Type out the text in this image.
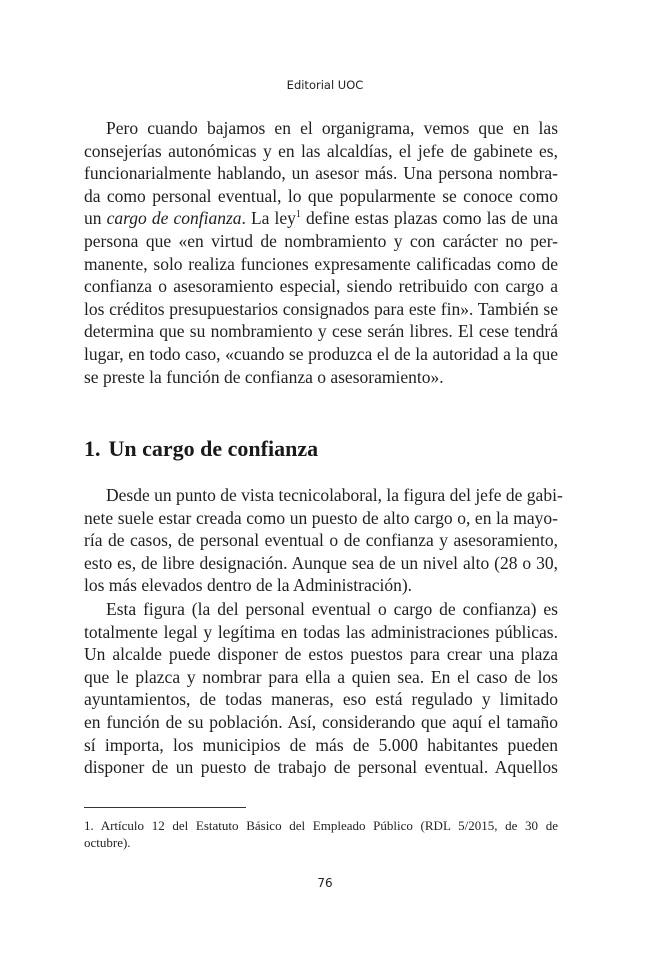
Editorial UOC

Pero cuando bajamos en el organigrama, vemos que en las
consejerías autonómicas y en las alcaldías, el jefe de gabinete es,
funcionarialmente hablando, un asesor más. Una persona nombra-
da como personal eventual, lo que popularmente se conoce como
un cargo de confianza. La ley$^1$ define estas plazas como las de una
persona que «en virtud de nombramiento y con carácter no per-
manente, solo realiza funciones expresamente calificadas como de
confianza o asesoramiento especial, siendo retribuido con cargo a
los créditos presupuestarios consignados para este fin». También se
determina que su nombramiento y cese serán libres. El cese tendrá
lugar, en todo caso, «cuando se produzca el de la autoridad a la que
se preste la función de confianza o asesoramiento».

1. Un cargo de confianza

Desde un punto de vista tecnicolaboral, la figura del jefe de gabi-
nete suele estar creada como un puesto de alto cargo o, en la mayo-
ría de casos, de personal eventual o de confianza y asesoramiento,
esto es, de libre designación. Aunque sea de un nivel alto (28 o 30,
los más elevados dentro de la Administración).

Esta figura (la del personal eventual o cargo de confianza) es
totalmente legal y legítima en todas las administraciones públicas.
Un alcalde puede disponer de estos puestos para crear una plaza
que le plazca y nombrar para ella a quien sea. En el caso de los
ayuntamientos, de todas maneras, eso está regulado y limitado
en función de su población. Así, considerando que aquí el tamaño
sí importa, los municipios de más de 5.000 habitantes pueden
disponer de un puesto de trabajo de personal eventual. Aquellos

1. Artículo 12 del Estatuto Básico del Empleado Público (RDL 5/2015, de 30 de
octubre).

76
